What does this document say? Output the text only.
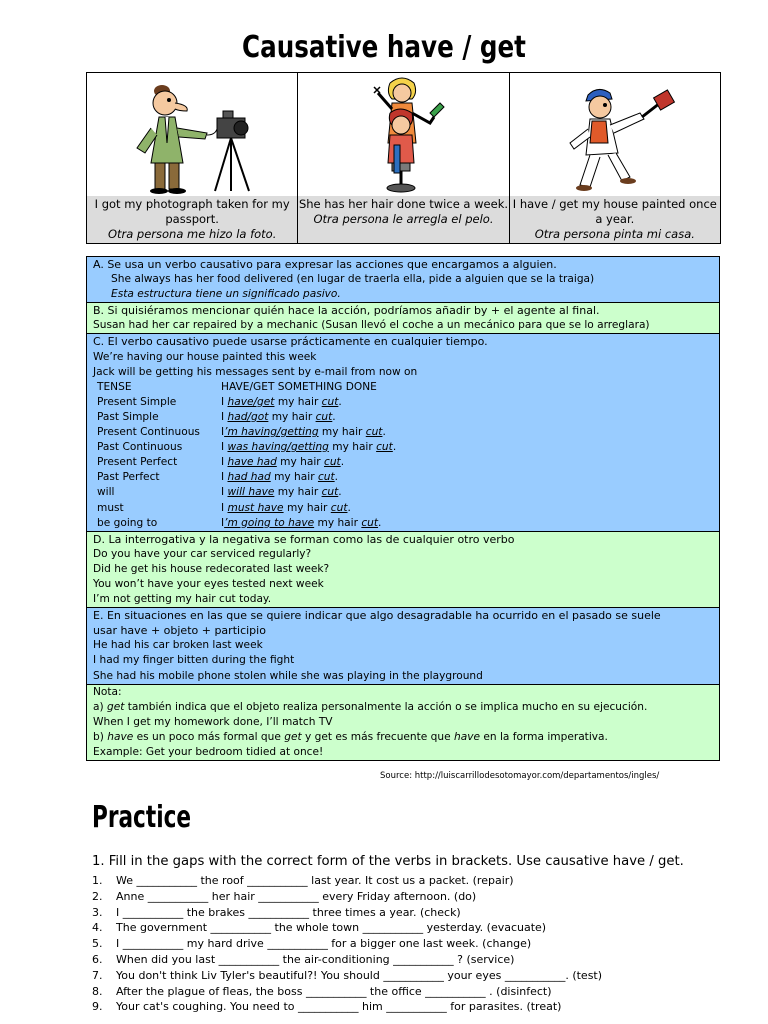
Causative have / get
I got my photograph taken for my passport.
Otra persona me hizo la foto.

She has her hair done twice a week.
Otra persona le arregla el pelo.

I have / get my house painted once a year.
Otra persona pinta mi casa.
A. Se usa un verbo causativo para expresar las acciones que encargamos a alguien.
She always has her food delivered (en lugar de traerla ella, pide a alguien que se la traiga)
Esta estructura tiene un significado pasivo.
B. Si quisiéramos mencionar quién hace la acción, podríamos añadir by + el agente al final.
Susan had her car repaired by a mechanic (Susan llevó el coche a un mecánico para que se lo arreglara)
C. El verbo causativo puede usarse prácticamente en cualquier tiempo.
We’re having our house painted this week
Jack will be getting his messages sent by e-mail from now on
TENSE	HAVE/GET SOMETHING DONE
Present Simple	I have/get my hair cut.
Past Simple	I had/got my hair cut.
Present Continuous	I’m having/getting my hair cut.
Past Continuous	I was having/getting my hair cut.
Present Perfect	I have had my hair cut.
Past Perfect	I had had my hair cut.
will	I will have my hair cut.
must	I must have my hair cut.
be going to	I’m going to have my hair cut.
D. La interrogativa y la negativa se forman como las de cualquier otro verbo
Do you have your car serviced regularly?
Did he get his house redecorated last week?
You won’t have your eyes tested next week
I’m not getting my hair cut today.
E. En situaciones en las que se quiere indicar que algo desagradable ha ocurrido en el pasado se suele
usar have + objeto + participio
He had his car broken last week
I had my finger bitten during the fight
She had his mobile phone stolen while she was playing in the playground
Nota:
a) get también indica que el objeto realiza personalmente la acción o se implica mucho en su ejecución.
When I get my homework done, I’ll match TV
b) have es un poco más formal que get y get es más frecuente que have en la forma imperativa.
Example: Get your bedroom tidied at once!
Source: http://luiscarrillodesotomayor.com/departamentos/ingles/
Practice
1. Fill in the gaps with the correct form of the verbs in brackets. Use causative have / get.
1.	We ___________ the roof ___________ last year. It cost us a packet. (repair)
2.	Anne ___________ her hair ___________ every Friday afternoon. (do)
3.	I ___________ the brakes ___________ three times a year. (check)
4.	The government ___________ the whole town ___________ yesterday. (evacuate)
5.	I ___________ my hard drive ___________ for a bigger one last week. (change)
6.	When did you last ___________ the air-conditioning ___________ ? (service)
7.	You don't think Liv Tyler's beautiful?! You should ___________ your eyes ___________. (test)
8.	After the plague of fleas, the boss ___________ the office ___________ . (disinfect)
9.	Your cat's coughing. You need to ___________ him ___________ for parasites. (treat)
